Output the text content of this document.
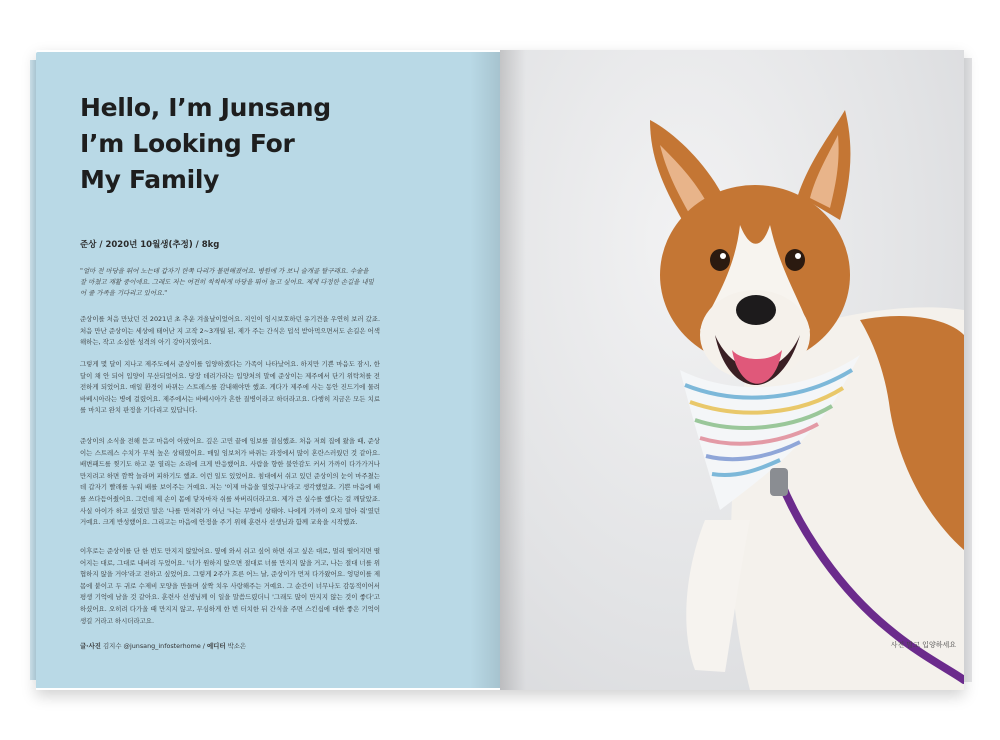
Hello, I’m Junsang
I’m Looking For
My Family
준상 / 2020년 10월생(추정) / 8kg
"얼마 전 마당을 뛰어 노는데 갑자기 한쪽 다리가 불편해졌어요. 병원에 가 보니 슬개골 탈구래요. 수술을 잘 마쳤고 재활 중이에요. 그래도 저는 여전히 씩씩하게 마당을 뛰어 놀고 싶어요. 제게 다정한 손길을 내밀어 줄 가족을 기다리고 있어요."
준상이를 처음 만났던 건 2021년 초 추운 겨울날이었어요. 지인이 임시보호하던 유기견을 우연히 보러 갔죠. 처음 만난 준상이는 세상에 태어난 지 고작 2~3개월 된, 제가 주는 간식은 덥석 받아먹으면서도 손길은 어색해하는, 작고 소심한 성격의 아기 강아지였어요.
그렇게 몇 달이 지나고 제주도에서 준상이를 입양하겠다는 가족이 나타났어요. 하지만 기쁜 마음도 잠시, 한 달이 채 안 되어 입양이 무산되었어요. 당장 데려가라는 입양처의 말에 준상이는 제주에서 단기 위탁처를 전전하게 되었어요. 매일 환경이 바뀌는 스트레스를 감내해야만 했죠. 게다가 제주에 사는 동안 진드기에 물려 바베시아라는 병에 걸렸어요. 제주에서는 바베시아가 흔한 질병이라고 하더라고요. 다행히 지금은 모든 치료를 마치고 완치 판정을 기다리고 있답니다.
준상이의 소식을 전해 듣고 마음이 아팠어요. 깊은 고민 끝에 임보를 결심했죠. 처음 저희 집에 왔을 때, 준상이는 스트레스 수치가 무척 높은 상태였어요. 매일 임보처가 바뀌는 과정에서 많이 혼란스러웠던 것 같아요. 배변패드를 찢기도 하고 문 열리는 소리에 크게 반응했어요. 사람을 향한 불안감도 커서 가까이 다가가거나 만지려고 하면 깜짝 놀라며 피하기도 했죠. 이런 일도 있었어요. 침대에서 쉬고 있던 준상이의 눈이 마주쳤는데 갑자기 빨래를 누워 배를 보이주는 거예요. 저는 '이제 마음을 열었구나'라고 생각했었죠. 기쁜 마음에 배를 쓰다듬어줬어요. 그런데 제 손이 몸에 닿자마자 쉬를 싸버리더라고요. 제가 큰 실수를 했다는 걸 깨달았죠. 사실 아이가 하고 싶었던 말은 '나를 만져줘'가 아닌 '나는 무방비 상태야. 나에게 가까이 오지 말아 줘'였던 거예요. 크게 반성했어요. 그리고는 마음에 안정을 주기 위해 훈련사 선생님과 함께 교육을 시작했죠.
이후로는 준상이를 단 한 번도 만지지 않았어요. 옆에 와서 쉬고 싶어 하면 쉬고 싶은 대로, 멀리 떨어지면 떨어지는 대로, 그대로 내버려 두었어요. '너가 원하지 않으면 절대로 너를 만지지 않을 거고, 나는 절대 너를 위협하지 않을 거야'라고 전하고 싶었어요. 그렇게 2주가 흐른 어느 날, 준상이가 먼저 다가왔어요. 엉덩이를 제 몸에 붙이고 두 귀로 수제비 모양을 만들며 살짝 치우 사랑해주는 거예요. 그 순간이 너무나도 감동적이어서 평생 기억에 남을 것 같아요. 훈련사 선생님께 이 일을 말씀드렸더니 '그래도 많이 만지지 않는 것이 좋다'고 하셨어요. 오히려 다가올 때 만지지 않고, 무심하게 한 번 터치한 뒤 간식을 주면 스킨십에 대한 좋은 기억이 생길 거라고 하시더라고요.
글·사진 김지수 @junsang_infosterhome / 에디터 박소은	사진 말고 입양하세요
